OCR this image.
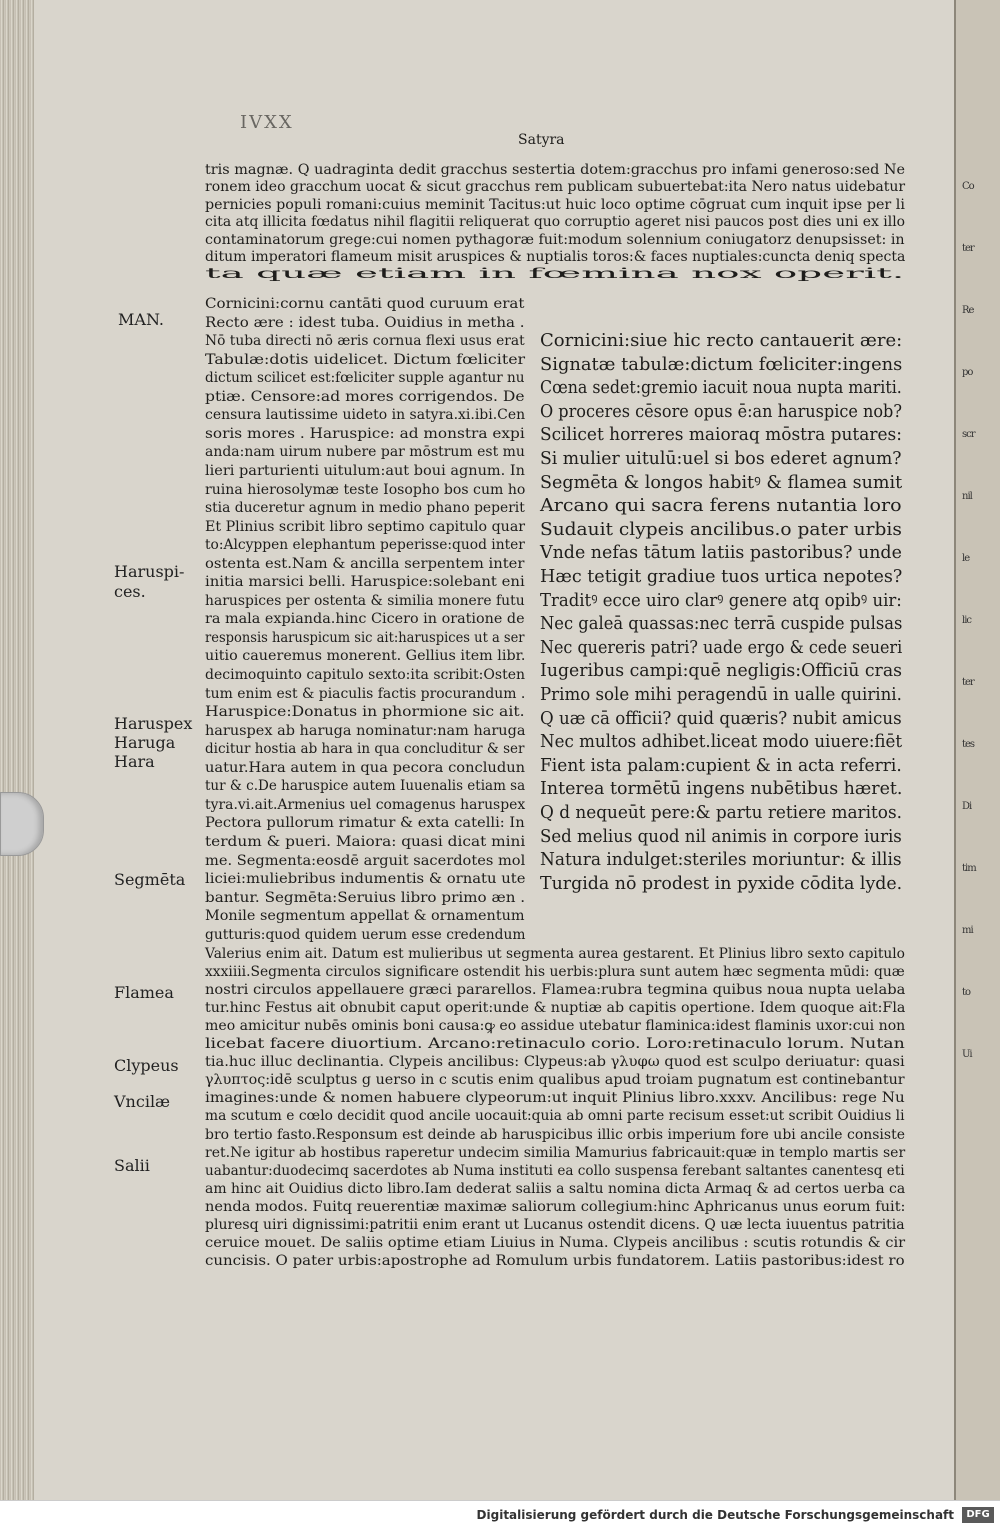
Co
ter
Re
po
scr
nil
le
lic
ter
tes
Di
tim
mi
to
Ui
IVXX
Satyra
tris magnæ. Q uadraginta dedit gracchus sestertia dotem:gracchus pro infami generoso:sed Ne
ronem ideo gracchum uocat & sicut gracchus rem publicam subuertebat:ita Nero natus uidebatur
pernicies populi romani:cuius meminit Tacitus:ut huic loco optime cōgruat cum inquit ipse per li
cita atq illicita fœdatus nihil flagitii reliquerat quo corruptio ageret nisi paucos post dies uni ex illo
contaminatorum grege:cui nomen pythagoræ fuit:modum solennium coniugatorz denupsisset: in
ditum imperatori flameum misit aruspices & nuptialis toros:& faces nuptiales:cuncta deniq specta
ta quæ etiam in fœmina nox operit.
Cornicini:cornu cantāti quod curuum erat
Recto ære : idest tuba. Ouidius in metha .
Nō tuba directi nō æris cornua flexi usus erat
Tabulæ:dotis uidelicet. Dictum fœliciter
dictum scilicet est:fœliciter supple agantur nu
ptiæ. Censore:ad mores corrigendos. De
censura lautissime uideto in satyra.xi.ibi.Cen
soris mores . Haruspice: ad monstra expi
anda:nam uirum nubere par mōstrum est mu
lieri parturienti uitulum:aut boui agnum. In
ruina hierosolymæ teste Iosopho bos cum ho
stia duceretur agnum in medio phano peperit
Et Plinius scribit libro septimo capitulo quar
to:Alcyppen elephantum peperisse:quod inter
ostenta est.Nam & ancilla serpentem inter
initia marsici belli. Haruspice:solebant eni
haruspices per ostenta & similia monere futu
ra mala expianda.hinc Cicero in oratione de
responsis haruspicum sic ait:haruspices ut a ser
uitio caueremus monerent. Gellius item libr.
decimoquinto capitulo sexto:ita scribit:Osten
tum enim est & piaculis factis procurandum .
Haruspice:Donatus in phormione sic ait.
haruspex ab haruga nominatur:nam haruga
dicitur hostia ab hara in qua concluditur & ser
uatur.Hara autem in qua pecora concludun
tur & c.De haruspice autem Iuuenalis etiam sa
tyra.vi.ait.Armenius uel comagenus haruspex
Pectora pullorum rimatur & exta catelli: In
terdum & pueri. Maiora: quasi dicat mini
me. Segmenta:eosdē arguit sacerdotes mol
liciei:muliebribus indumentis & ornatu ute
bantur. Segmēta:Seruius libro primo æn .
Monile segmentum appellat & ornamentum
gutturis:quod quidem uerum esse credendum
Cornicini:siue hic recto cantauerit ære:
Signatæ tabulæ:dictum fœliciter:ingens
Cœna sedet:gremio iacuit noua nupta mariti.
O proceres cēsore opus ē:an haruspice nob?
Scilicet horreres maioraq mōstra putares:
Si mulier uitulū:uel si bos ederet agnum?
Segmēta & longos habitꝰ & flamea sumit
Arcano qui sacra ferens nutantia loro
Sudauit clypeis ancilibus.o pater urbis
Vnde nefas tātum latiis pastoribus? unde
Hæc tetigit gradiue tuos urtica nepotes?
Traditꝰ ecce uiro clarꝰ genere atq opibꝰ uir:
Nec galeā quassas:nec terrā cuspide pulsas
Nec quereris patri? uade ergo & cede seueri
Iugeribus campi:quē negligis:Officiū cras
Primo sole mihi peragendū in ualle quirini.
Q uæ cā officii? quid quæris? nubit amicus
Nec multos adhibet.liceat modo uiuere:fiēt
Fient ista palam:cupient & in acta referri.
Interea tormētū ingens nubētibus hæret.
Q d nequeūt pere:& partu retiere maritos.
Sed melius quod nil animis in corpore iuris
Natura indulget:steriles moriuntur: & illis
Turgida nō prodest in pyxide cōdita lyde.
Valerius enim ait. Datum est mulieribus ut segmenta aurea gestarent. Et Plinius libro sexto capitulo
xxxiiii.Segmenta circulos significare ostendit his uerbis:plura sunt autem hæc segmenta mūdi: quæ
nostri circulos appellauere græci pararellos. Flamea:rubra tegmina quibus noua nupta uelaba
tur.hinc Festus ait obnubit caput operit:unde & nuptiæ ab capitis opertione. Idem quoque ait:Fla
meo amicitur nubēs ominis boni causa:ꝙ eo assidue utebatur flaminica:idest flaminis uxor:cui non
licebat facere diuortium. Arcano:retinaculo corio. Loro:retinaculo lorum. Nutan
tia.huc illuc declinantia. Clypeis ancilibus: Clypeus:ab γλυφω quod est sculpo deriuatur: quasi
γλυπτος:idē sculptus g uerso in c scutis enim qualibus apud troiam pugnatum est continebantur
imagines:unde & nomen habuere clypeorum:ut inquit Plinius libro.xxxv. Ancilibus: rege Nu
ma scutum e cœlo decidit quod ancile uocauit:quia ab omni parte recisum esset:ut scribit Ouidius li
bro tertio fasto.Responsum est deinde ab haruspicibus illic orbis imperium fore ubi ancile consiste
ret.Ne igitur ab hostibus raperetur undecim similia Mamurius fabricauit:quæ in templo martis ser
uabantur:duodecimq sacerdotes ab Numa instituti ea collo suspensa ferebant saltantes canentesq eti
am hinc ait Ouidius dicto libro.Iam dederat saliis a saltu nomina dicta Armaq & ad certos uerba ca
nenda modos. Fuitq reuerentiæ maximæ saliorum collegium:hinc Aphricanus unus eorum fuit:
pluresq uiri dignissimi:patritii enim erant ut Lucanus ostendit dicens. Q uæ lecta iuuentus patritia
ceruice mouet. De saliis optime etiam Liuius in Numa. Clypeis ancilibus : scutis rotundis & cir
cuncisis. O pater urbis:apostrophe ad Romulum urbis fundatorem. Latiis pastoribus:idest ro
MAN.
Haruspi-
ces.
Haruspex
Haruga
Hara
Segmēta
Flamea
Clypeus
Vncilæ
Salii
Digitalisierung gefördert durch die Deutsche Forschungsgemeinschaft	DFG
